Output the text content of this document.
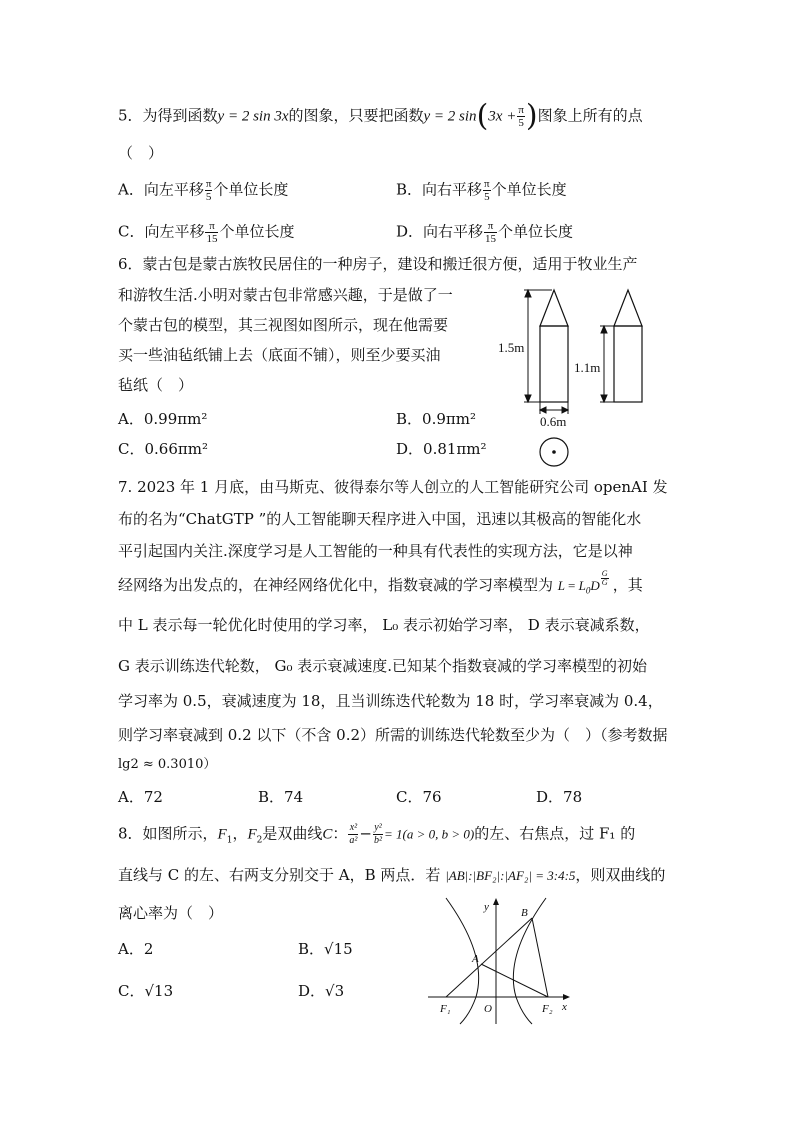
5．为得到函数y = 2 sin 3x的图象，只要把函数y = 2 $\sin(3x + \frac{\pi}{5}$ )图象上所有的点
（　）
A．向左平移 $\frac{\pi}{5}$ 个单位长度	B．向右平移 $\frac{\pi}{5}$ 个单位长度
C．向左平移 $\frac{\pi}{15}$ 个单位长度	D．向右平移 $\frac{\pi}{15}$ 个单位长度
6．蒙古包是蒙古族牧民居住的一种房子，建设和搬迁很方便，适用于牧业生产
和游牧生活.小明对蒙古包非常感兴趣，于是做了一
个蒙古包的模型，其三视图如图所示，现在他需要
买一些油毡纸铺上去（底面不铺），则至少要买油
毡纸（　）
A．0.99πm²	B．0.9πm²
C．0.66πm²	D．0.81πm²
1.5m
0.6m
1.1m
7. 2023 年 1 月底，由马斯克、彼得泰尔等人创立的人工智能研究公司 openAI 发
布的名为“ChatGTP ”的人工智能聊天程序进入中国，迅速以其极高的智能化水
平引起国内关注.深度学习是人工智能的一种具有代表性的实现方法，它是以神
经网络为出发点的，在神经网络优化中，指数衰减的学习率模型为 $L = L_0D \frac{G}{G}$ ，其
中 L 表示每一轮优化时使用的学习率， L₀ 表示初始学习率， D 表示衰减系数，
G 表示训练迭代轮数， G₀ 表示衰减速度.已知某个指数衰减的学习率模型的初始
学习率为 0.5，衰减速度为 18，且当训练迭代轮数为 18 时，学习率衰减为 0.4，
则学习率衰减到 0.2 以下（不含 0.2）所需的训练迭代轮数至少为（　）（参考数据
lg2 ≈ 0.3010）
A．72	B．74	C．76	D．78
8．如图所示，$F_1$，$F_2$是双曲线C： $\frac{\text{x²}}{\text{a²}} - \frac{\text{y²}}{\text{b²}} = 1(a > 0$, b > 0)的左、右焦点，过 F₁ 的
直线与 C 的左、右两支分别交于 A，B 两点．若 |AB|:|BF₂|:|AF₂| = 3:4:5，则双曲线的
离心率为（　）
A．2	B．√15
C．√13	D．√3
y	B
A
F₁	O	F₂ x
